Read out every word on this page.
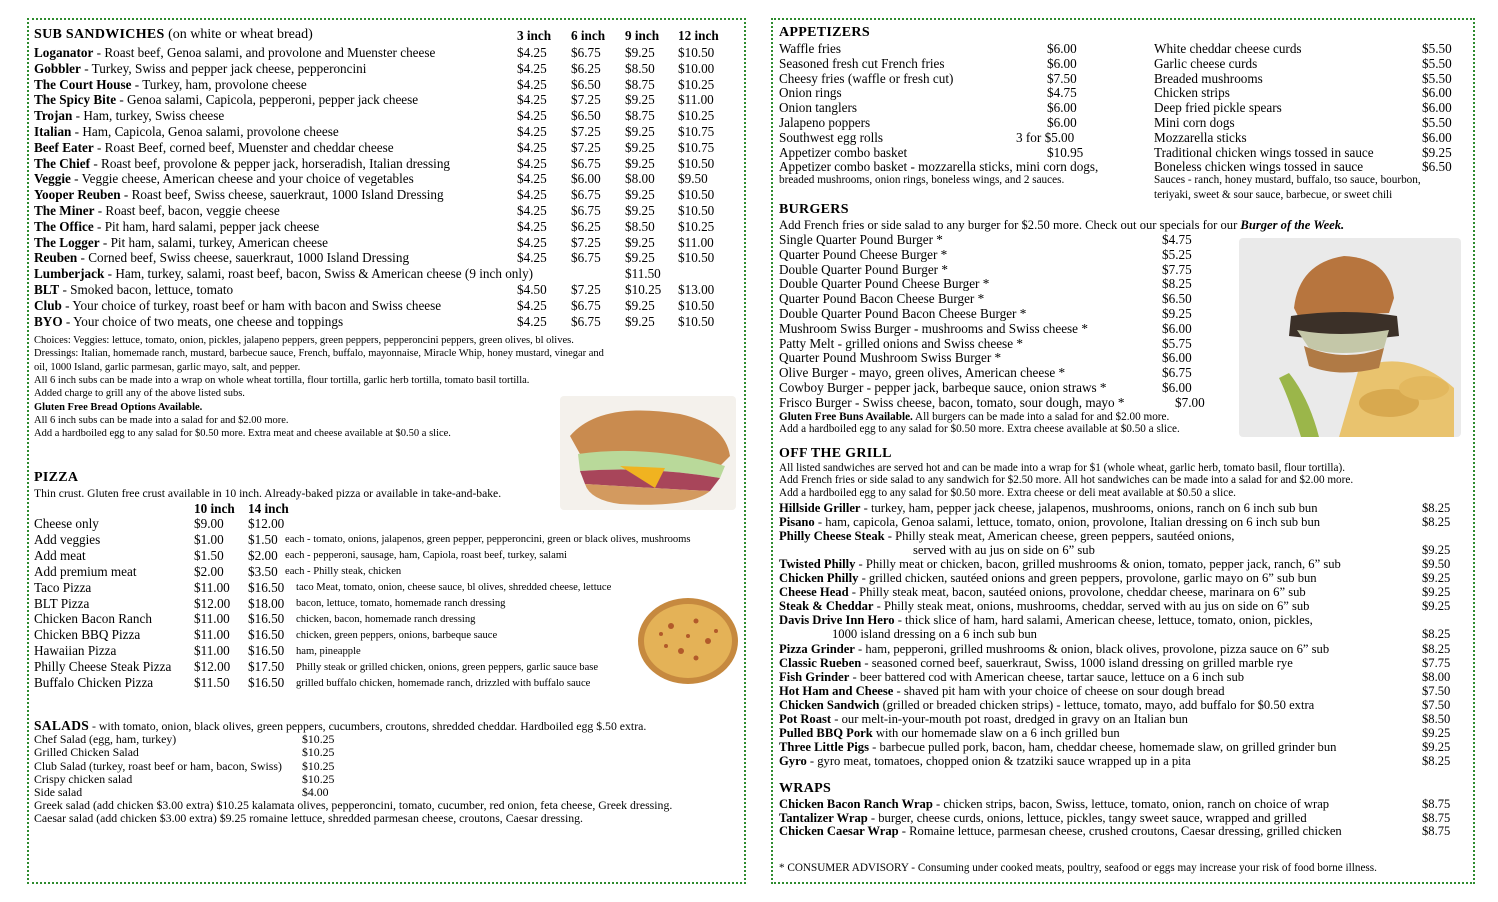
SUB SANDWICHES (on white or wheat bread)	3 inch 6 inch 9 inch 12 inch
Loganator - Roast beef, Genoa salami, and provolone and Muenster cheese	$4.25 $6.75 $9.25 $10.50
Gobbler - Turkey, Swiss and pepper jack cheese, pepperoncini	$4.25 $6.25 $8.50 $10.00
The Court House - Turkey, ham, provolone cheese	$4.25 $6.50 $8.75 $10.25
The Spicy Bite - Genoa salami, Capicola, pepperoni, pepper jack cheese	$4.25 $7.25 $9.25 $11.00
Trojan - Ham, turkey, Swiss cheese	$4.25 $6.50 $8.75 $10.25
Italian - Ham, Capicola, Genoa salami, provolone cheese	$4.25 $7.25 $9.25 $10.75
Beef Eater - Roast Beef, corned beef, Muenster and cheddar cheese	$4.25 $7.25 $9.25 $10.75
The Chief - Roast beef, provolone & pepper jack, horseradish, Italian dressing	$4.25 $6.75 $9.25 $10.50
Veggie - Veggie cheese, American cheese and your choice of vegetables	$4.25 $6.00 $8.00 $9.50
Yooper Reuben - Roast beef, Swiss cheese, sauerkraut, 1000 Island Dressing	$4.25 $6.75 $9.25 $10.50
The Miner - Roast beef, bacon, veggie cheese	$4.25 $6.75 $9.25 $10.50
The Office - Pit ham, hard salami, pepper jack cheese	$4.25 $6.25 $8.50 $10.25
The Logger - Pit ham, salami, turkey, American cheese	$4.25 $7.25 $9.25 $11.00
Reuben - Corned beef, Swiss cheese, sauerkraut, 1000 Island Dressing	$4.25 $6.75 $9.25 $10.50
Lumberjack - Ham, turkey, salami, roast beef, bacon, Swiss & American cheese (9 inch only)	$11.50
BLT - Smoked bacon, lettuce, tomato	$4.50 $7.25 $10.25 $13.00
Club - Your choice of turkey, roast beef or ham with bacon and Swiss cheese	$4.25 $6.75 $9.25 $10.50
BYO - Your choice of two meats, one cheese and toppings	$4.25 $6.75 $9.25 $10.50
Choices: Veggies: lettuce, tomato, onion, pickles, jalapeno peppers, green peppers, pepperoncini peppers, green olives, bl olives.
Dressings: Italian, homemade ranch, mustard, barbecue sauce, French, buffalo, mayonnaise, Miracle Whip, honey mustard, vinegar and
oil, 1000 Island, garlic parmesan, garlic mayo, salt, and pepper.
All 6 inch subs can be made into a wrap on whole wheat tortilla, flour tortilla, garlic herb tortilla, tomato basil tortilla.
Added charge to grill any of the above listed subs.
Gluten Free Bread Options Available.
All 6 inch subs can be made into a salad for and $2.00 more.
Add a hardboiled egg to any salad for $0.50 more. Extra meat and cheese available at $0.50 a slice.
PIZZA
Thin crust. Gluten free crust available in 10 inch. Already-baked pizza or available in take-and-bake.
10 inch 14 inch
Cheese only	$9.00 $12.00
Add veggies	$1.00 $1.50 each - tomato, onions, jalapenos, green pepper, pepperoncini, green or black olives, mushrooms
Add meat	$1.50 $2.00 each - pepperoni, sausage, ham, Capiola, roast beef, turkey, salami
Add premium meat	$2.00 $3.50 each - Philly steak, chicken
Taco Pizza	$11.00 $16.50 taco Meat, tomato, onion, cheese sauce, bl olives, shredded cheese, lettuce
BLT Pizza	$12.00 $18.00 bacon, lettuce, tomato, homemade ranch dressing
Chicken Bacon Ranch	$11.00 $16.50 chicken, bacon, homemade ranch dressing
Chicken BBQ Pizza	$11.00 $16.50 chicken, green peppers, onions, barbeque sauce
Hawaiian Pizza	$11.00 $16.50 ham, pineapple
Philly Cheese Steak Pizza $12.00 $17.50 Philly steak or grilled chicken, onions, green peppers, garlic sauce base
Buffalo Chicken Pizza	$11.50 $16.50 grilled buffalo chicken, homemade ranch, drizzled with buffalo sauce
SALADS - with tomato, onion, black olives, green peppers, cucumbers, croutons, shredded cheddar. Hardboiled egg $.50 extra.
Chef Salad (egg, ham, turkey)	$10.25
Grilled Chicken Salad	$10.25
Club Salad (turkey, roast beef or ham, bacon, Swiss) $10.25
Crispy chicken salad	$10.25
Side salad	$4.00
Greek salad (add chicken $3.00 extra) $10.25 kalamata olives, pepperoncini, tomato, cucumber, red onion, feta cheese, Greek dressing.
Caesar salad (add chicken $3.00 extra) $9.25 romaine lettuce, shredded parmesan cheese, croutons, Caesar dressing.
APPETIZERS
Waffle fries	$6.00
Seasoned fresh cut French fries	$6.00
Cheesy fries (waffle or fresh cut)	$7.50
Onion rings	$4.75
Onion tanglers	$6.00
Jalapeno poppers	$6.00
Southwest egg rolls	3 for $5.00
Appetizer combo basket	$10.95
Appetizer combo basket - mozzarella sticks, mini corn dogs,
breaded mushrooms, onion rings, boneless wings, and 2 sauces.
White cheddar cheese curds	$5.50
Garlic cheese curds	$5.50
Breaded mushrooms	$5.50
Chicken strips	$6.00
Deep fried pickle spears	$6.00
Mini corn dogs	$5.50
Mozzarella sticks	$6.00
Traditional chicken wings tossed in sauce	$9.25
Boneless chicken wings tossed in sauce	$6.50
Sauces - ranch, honey mustard, buffalo, tso sauce, bourbon,
teriyaki, sweet & sour sauce, barbecue, or sweet chili
BURGERS
Add French fries or side salad to any burger for $2.50 more. Check out our specials for our Burger of the Week.
Single Quarter Pound Burger *	$4.75
Quarter Pound Cheese Burger *	$5.25
Double Quarter Pound Burger *	$7.75
Double Quarter Pound Cheese Burger *	$8.25
Quarter Pound Bacon Cheese Burger *	$6.50
Double Quarter Pound Bacon Cheese Burger *	$9.25
Mushroom Swiss Burger - mushrooms and Swiss cheese *	$6.00
Patty Melt - grilled onions and Swiss cheese *	$5.75
Quarter Pound Mushroom Swiss Burger *	$6.00
Olive Burger - mayo, green olives, American cheese *	$6.75
Cowboy Burger - pepper jack, barbeque sauce, onion straws *	$6.00
Frisco Burger - Swiss cheese, bacon, tomato, sour dough, mayo *	$7.00
Gluten Free Buns Available. All burgers can be made into a salad for and $2.00 more.
Add a hardboiled egg to any salad for $0.50 more. Extra cheese available at $0.50 a slice.
OFF THE GRILL
All listed sandwiches are served hot and can be made into a wrap for $1 (whole wheat, garlic herb, tomato basil, flour tortilla).
Add French fries or side salad to any sandwich for $2.50 more. All hot sandwiches can be made into a salad for and $2.00 more.
Add a hardboiled egg to any salad for $0.50 more. Extra cheese or deli meat available at $0.50 a slice.
Hillside Griller - turkey, ham, pepper jack cheese, jalapenos, mushrooms, onions, ranch on 6 inch sub bun	$8.25
Pisano - ham, capicola, Genoa salami, lettuce, tomato, onion, provolone, Italian dressing on 6 inch sub bun	$8.25
Philly Cheese Steak - Philly steak meat, American cheese, green peppers, sautéed onions,
served with au jus on side on 6” sub	$9.25
Twisted Philly - Philly meat or chicken, bacon, grilled mushrooms & onion, tomato, pepper jack, ranch, 6” sub	$9.50
Chicken Philly - grilled chicken, sautéed onions and green peppers, provolone, garlic mayo on 6” sub bun	$9.25
Cheese Head - Philly steak meat, bacon, sautéed onions, provolone, cheddar cheese, marinara on 6” sub	$9.25
Steak & Cheddar - Philly steak meat, onions, mushrooms, cheddar, served with au jus on side on 6” sub	$9.25
Davis Drive Inn Hero - thick slice of ham, hard salami, American cheese, lettuce, tomato, onion, pickles,
1000 island dressing on a 6 inch sub bun	$8.25
Pizza Grinder - ham, pepperoni, grilled mushrooms & onion, black olives, provolone, pizza sauce on 6” sub	$8.25
Classic Rueben - seasoned corned beef, sauerkraut, Swiss, 1000 island dressing on grilled marble rye	$7.75
Fish Grinder - beer battered cod with American cheese, tartar sauce, lettuce on a 6 inch sub	$8.00
Hot Ham and Cheese - shaved pit ham with your choice of cheese on sour dough bread	$7.50
Chicken Sandwich (grilled or breaded chicken strips) - lettuce, tomato, mayo, add buffalo for $0.50 extra	$7.50
Pot Roast - our melt-in-your-mouth pot roast, dredged in gravy on an Italian bun	$8.50
Pulled BBQ Pork with our homemade slaw on a 6 inch grilled bun	$9.25
Three Little Pigs - barbecue pulled pork, bacon, ham, cheddar cheese, homemade slaw, on grilled grinder bun	$9.25
Gyro - gyro meat, tomatoes, chopped onion & tzatziki sauce wrapped up in a pita	$8.25
WRAPS
Chicken Bacon Ranch Wrap - chicken strips, bacon, Swiss, lettuce, tomato, onion, ranch on choice of wrap	$8.75
Tantalizer Wrap - burger, cheese curds, onions, lettuce, pickles, tangy sweet sauce, wrapped and grilled	$8.75
Chicken Caesar Wrap - Romaine lettuce, parmesan cheese, crushed croutons, Caesar dressing, grilled chicken	$8.75
* CONSUMER ADVISORY - Consuming under cooked meats, poultry, seafood or eggs may increase your risk of food borne illness.
